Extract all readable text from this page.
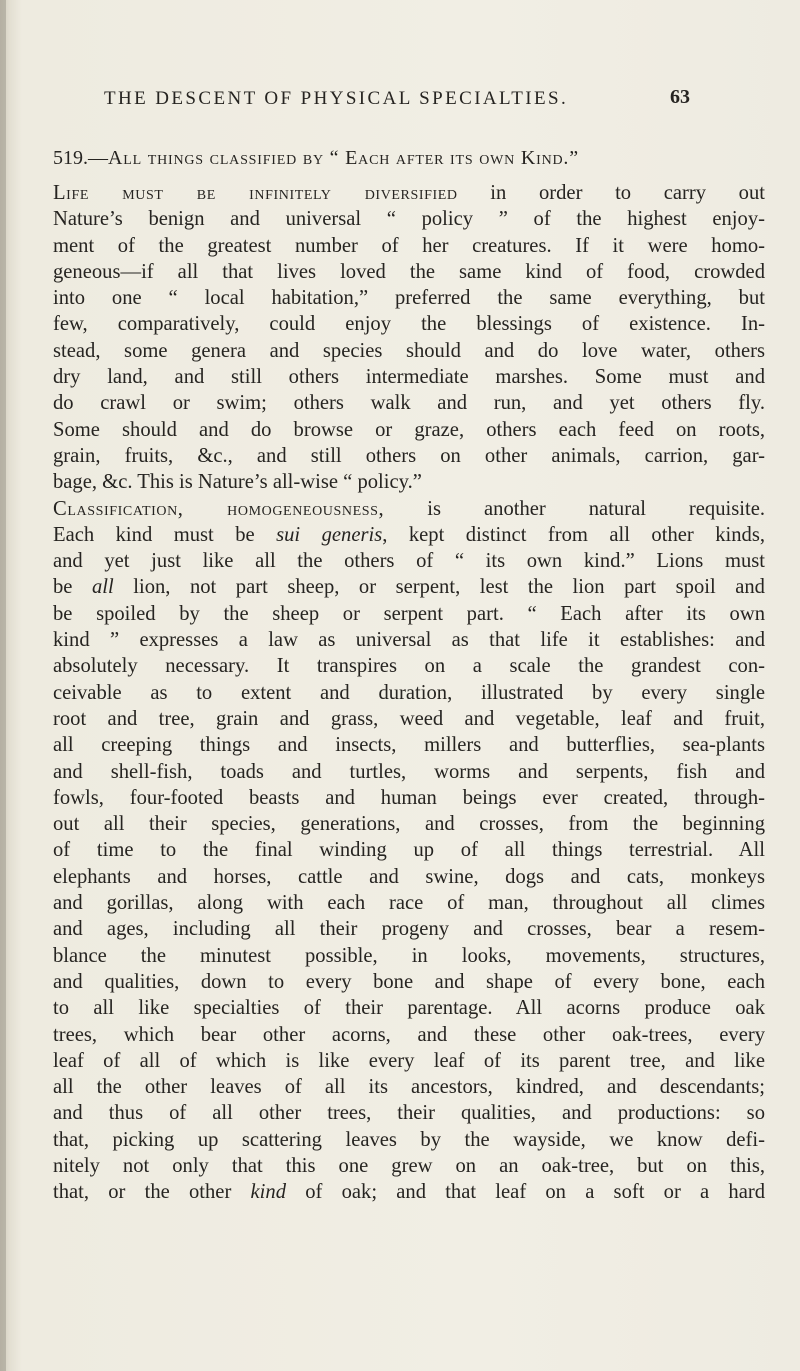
THE DESCENT OF PHYSICAL SPECIALTIES.	63
519.—All things classified by “ Each after its own Kind.”
Life must be infinitely diversified in order to carry out
Nature’s benign and universal “ policy ” of the highest enjoy-
ment of the greatest number of her creatures. If it were homo-
geneous—if all that lives loved the same kind of food, crowded
into one “ local habitation,” preferred the same everything, but
few, comparatively, could enjoy the blessings of existence. In-
stead, some genera and species should and do love water, others
dry land, and still others intermediate marshes. Some must and
do crawl or swim; others walk and run, and yet others fly.
Some should and do browse or graze, others each feed on roots,
grain, fruits, &c., and still others on other animals, carrion, gar-
bage, &c. This is Nature’s all-wise “ policy.”
Classification, homogeneousness, is another natural requisite.
Each kind must be sui generis, kept distinct from all other kinds,
and yet just like all the others of “ its own kind.” Lions must
be all lion, not part sheep, or serpent, lest the lion part spoil and
be spoiled by the sheep or serpent part. “ Each after its own
kind ” expresses a law as universal as that life it establishes: and
absolutely necessary. It transpires on a scale the grandest con-
ceivable as to extent and duration, illustrated by every single
root and tree, grain and grass, weed and vegetable, leaf and fruit,
all creeping things and insects, millers and butterflies, sea-plants
and shell-fish, toads and turtles, worms and serpents, fish and
fowls, four-footed beasts and human beings ever created, through-
out all their species, generations, and crosses, from the beginning
of time to the final winding up of all things terrestrial. All
elephants and horses, cattle and swine, dogs and cats, monkeys
and gorillas, along with each race of man, throughout all climes
and ages, including all their progeny and crosses, bear a resem-
blance the minutest possible, in looks, movements, structures,
and qualities, down to every bone and shape of every bone, each
to all like specialties of their parentage. All acorns produce oak
trees, which bear other acorns, and these other oak-trees, every
leaf of all of which is like every leaf of its parent tree, and like
all the other leaves of all its ancestors, kindred, and descendants;
and thus of all other trees, their qualities, and productions: so
that, picking up scattering leaves by the wayside, we know defi-
nitely not only that this one grew on an oak-tree, but on this,
that, or the other kind of oak; and that leaf on a soft or a hard
